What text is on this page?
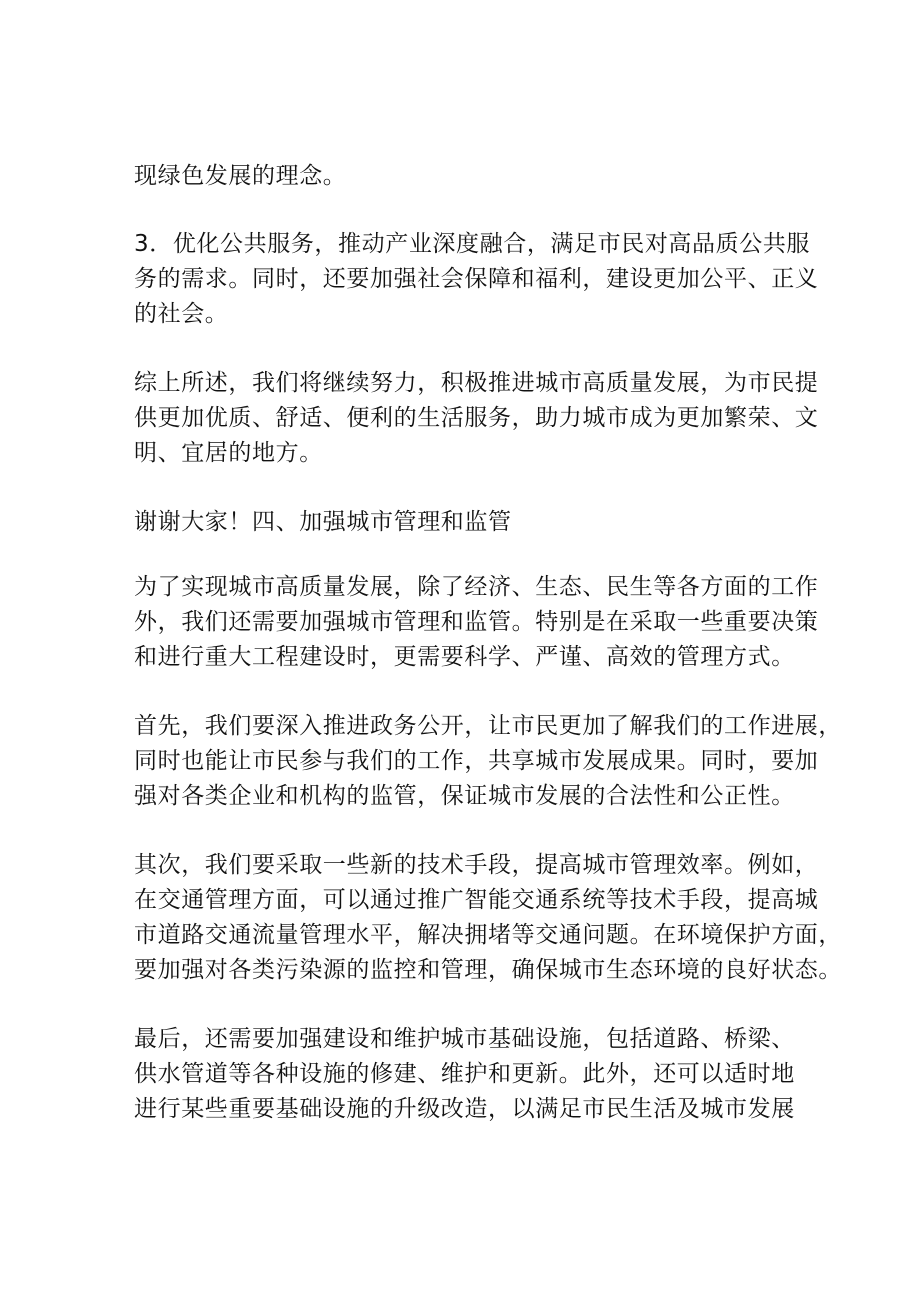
现绿色发展的理念。

3．优化公共服务，推动产业深度融合，满足市民对高品质公共服
务的需求。同时，还要加强社会保障和福利，建设更加公平、正义
的社会。

综上所述，我们将继续努力，积极推进城市高质量发展，为市民提
供更加优质、舒适、便利的生活服务，助力城市成为更加繁荣、文
明、宜居的地方。

谢谢大家！四、加强城市管理和监管

为了实现城市高质量发展，除了经济、生态、民生等各方面的工作
外，我们还需要加强城市管理和监管。特别是在采取一些重要决策
和进行重大工程建设时，更需要科学、严谨、高效的管理方式。

首先，我们要深入推进政务公开，让市民更加了解我们的工作进展，
同时也能让市民参与我们的工作，共享城市发展成果。同时，要加
强对各类企业和机构的监管，保证城市发展的合法性和公正性。

其次，我们要采取一些新的技术手段，提高城市管理效率。例如，
在交通管理方面，可以通过推广智能交通系统等技术手段，提高城
市道路交通流量管理水平，解决拥堵等交通问题。在环境保护方面，
要加强对各类污染源的监控和管理，确保城市生态环境的良好状态。

最后，还需要加强建设和维护城市基础设施，包括道路、桥梁、
供水管道等各种设施的修建、维护和更新。此外，还可以适时地
进行某些重要基础设施的升级改造，以满足市民生活及城市发展
